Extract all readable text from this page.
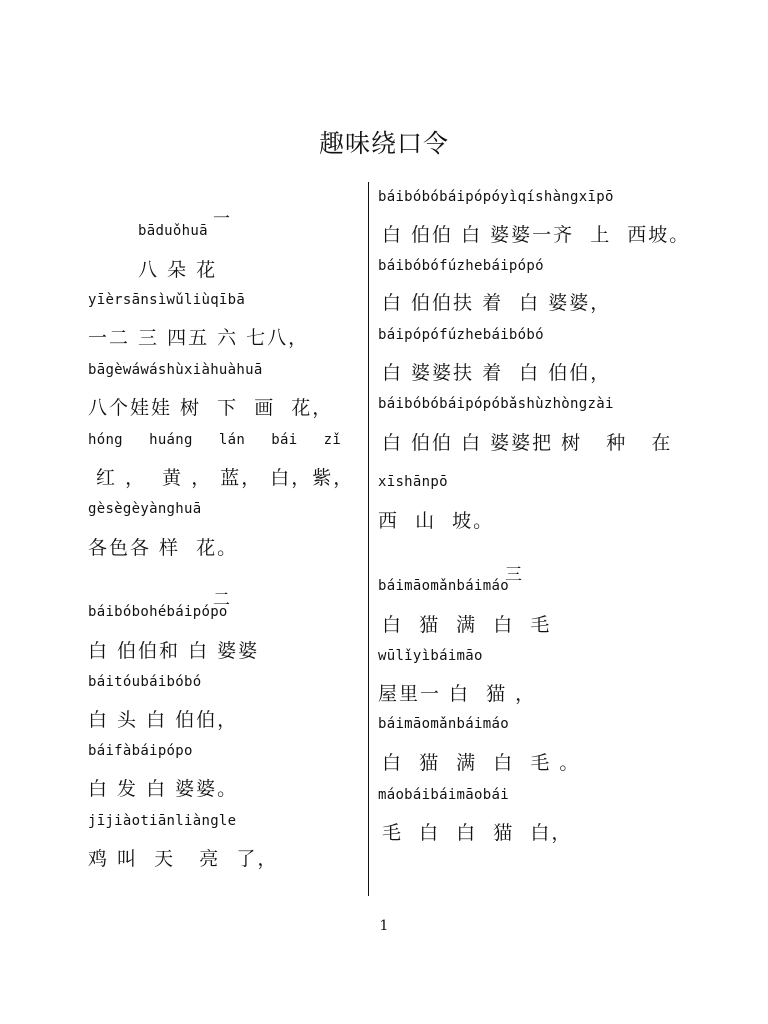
趣味绕口令
一
bāduǒhuā
八 朵 花
yīèrsānsìwǔliùqībā
一二 三 四五 六 七八，
bāgèwáwáshùxiàhuàhuā
八个娃娃 树  下  画  花，
hóng   huáng   lán   bái   zǐ
红 ，  黄 ， 蓝， 白，紫，
gèsègèyànghuā
各色各 样  花。
二
báibóbohébáipópo
白 伯伯和 白 婆婆
báitóubáibóbó
白 头 白 伯伯，
báifàbáipópo
白 发 白 婆婆。
jījiàotiānliàngle
鸡 叫  天   亮  了，
báibóbóbáipópóyìqíshàngxīpō
白 伯伯 白 婆婆一齐  上  西坡。
báibóbófúzhebáipópó
白 伯伯扶 着  白 婆婆，
báipópófúzhebáibóbó
白 婆婆扶 着  白 伯伯，
báibóbóbáipópóbǎshùzhòngzài
白 伯伯 白 婆婆把 树   种   在
xīshānpō
西  山  坡。
三
báimāomǎnbáimáo
白  猫  满  白  毛
wūlǐyìbáimāo
屋里一 白  猫 ，
báimāomǎnbáimáo
白  猫  满  白  毛 。
máobáibáimāobái
毛  白  白  猫  白，
1
